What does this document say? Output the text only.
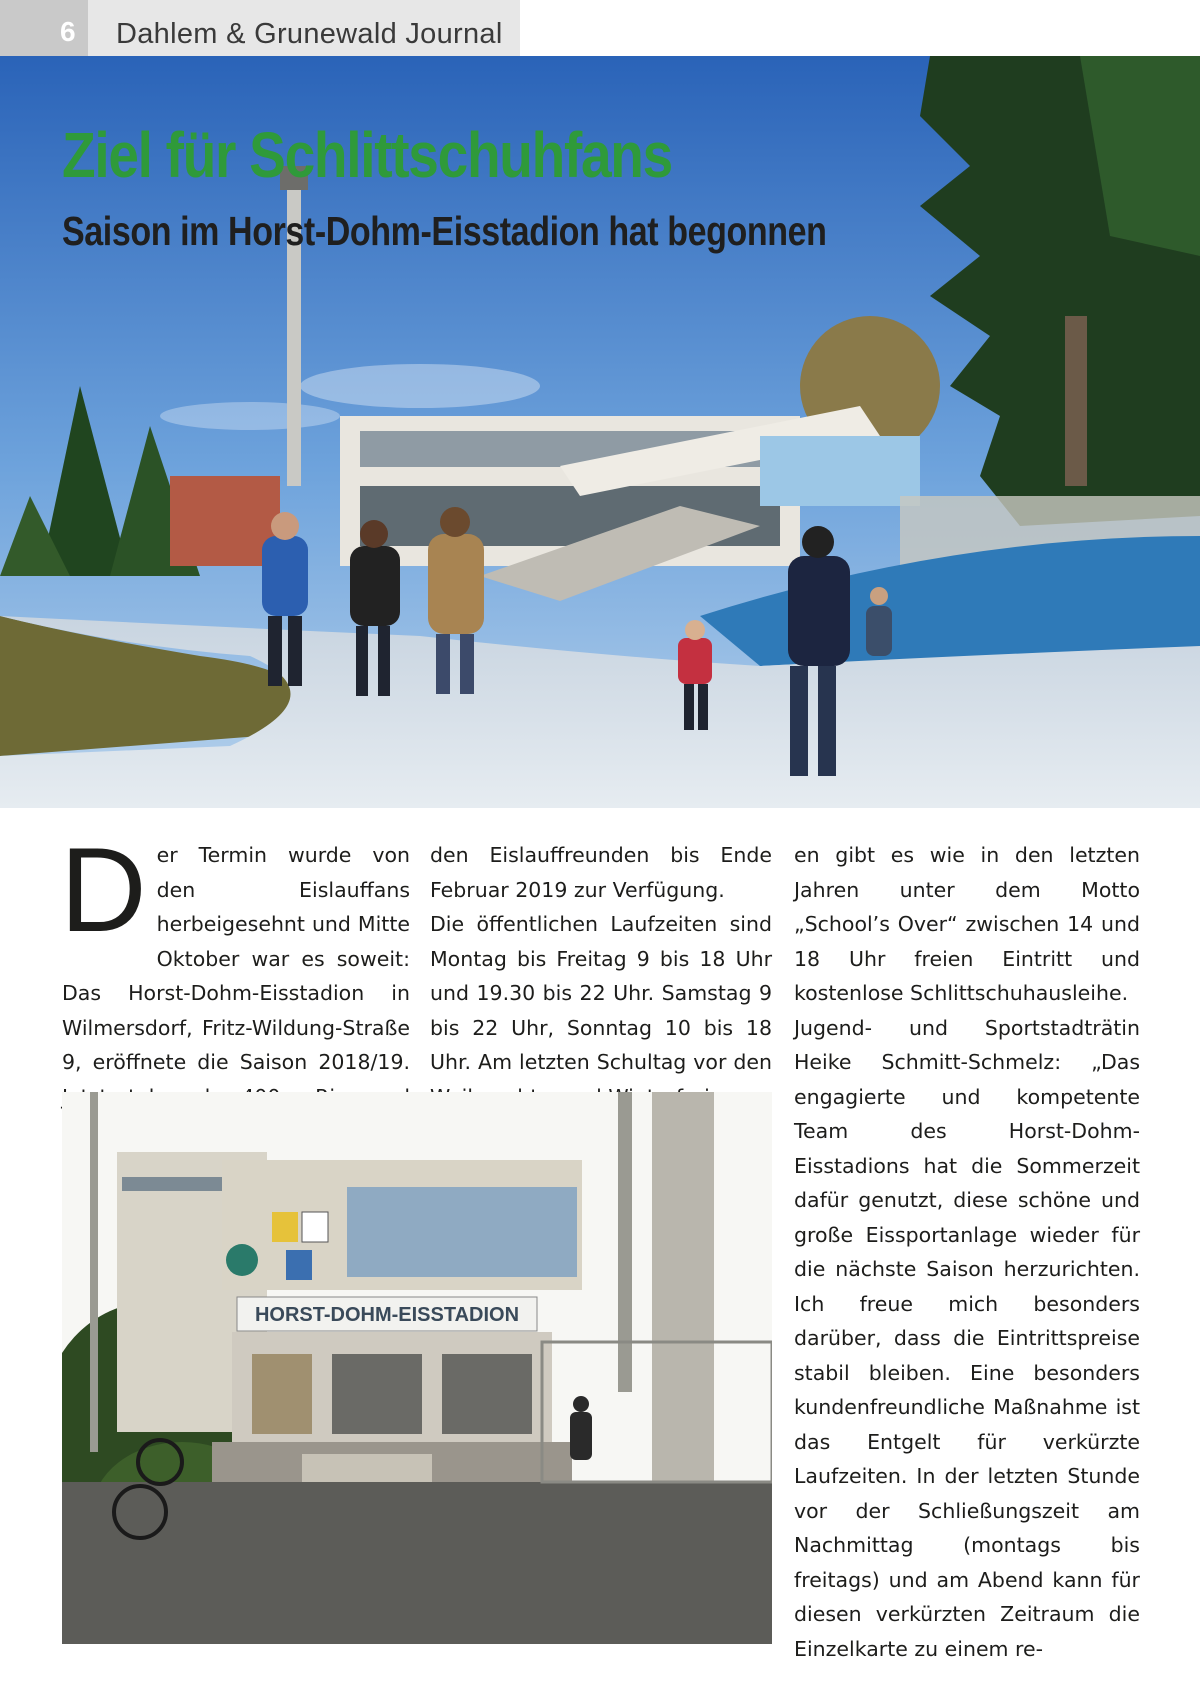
6	Dahlem & Grunewald Journal
Ziel für Schlittschuhfans
Saison im Horst-Dohm-Eisstadion hat begonnen
D er Termin wurde von den Eislauffans herbeigesehnt und Mitte Oktober war es soweit: Das Horst-Dohm-Eisstadion in Wilmersdorf, Fritz-Wildung-Straße 9, eröffnete die Saison 2018/19.

den Eislauffreunden bis Ende Februar 2019 zur Verfügung.

Die öffentlichen Laufzeiten sind Montag bis Freitag 9 bis 18 Uhr und 19.30 bis 22 Uhr. Samstag 9 bis 22 Uhr, Sonntag 10 bis 18 Uhr. Am letzten Schultag vor den

en gibt es wie in den letzten Jahren unter dem Motto „School’s Over“ zwischen 14 und 18 Uhr freien Eintritt und kostenlose Schlittschuhausleihe.

Jugend- und Sportstadträtin Heike Schmitt-Schmelz: „Das engagierte und kompetente Team des Horst-Dohm-Eisstadions hat die Sommerzeit dafür genutzt, diese schöne und große Eissportanlage wieder für die nächste Saison herzurichten. Ich freue mich besonders darüber, dass die Eintrittspreise stabil bleiben. Eine besonders kundenfreundliche Maßnahme ist das Entgelt für verkürzte Laufzeiten. In der letzten Stunde vor der Schließungszeit am Nachmittag (montags bis freitags) und am Abend kann für diesen verkürzten Zeitraum die Einzelkarte zu einem re-

HORST-DOHM-EISSTADION
